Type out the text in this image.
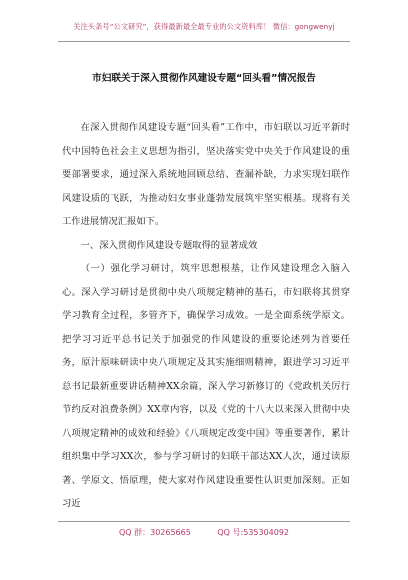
关注头条号“公文研究”，获得最新最全最专业的公文资料库！ 微信：gongwenyj
市妇联关于深入贯彻作风建设专题“回头看”情况报告

在深入贯彻作风建设专题“回头看”工作中，市妇联以习近平新时代中国特色社会主义思想为指引，坚决落实党中央关于作风建设的重要部署要求，通过深入系统地回顾总结、查漏补缺，力求实现妇联作风建设质的飞跃，为推动妇女事业蓬勃发展筑牢坚实根基。现将有关工作进展情况汇报如下。

一、深入贯彻作风建设专题取得的显著成效

（一）强化学习研讨，筑牢思想根基，让作风建设理念入脑入心。深入学习研讨是贯彻中央八项规定精神的基石，市妇联将其贯穿学习教育全过程，多管齐下，确保学习成效。一是全面系统学原文。把学习习近平总书记关于加强党的作风建设的重要论述列为首要任务，原汁原味研读中央八项规定及其实施细则精神，跟进学习习近平总书记最新重要讲话精神XX余篇，深入学习新修订的《党政机关厉行节约反对浪费条例》XX章内容，以及《党的十八大以来深入贯彻中央八项规定精神的成效和经验》《八项规定改变中国》等重要著作，累计组织集中学习XX次，参与学习研讨的妇联干部达XX人次，通过读原著、学原文、悟原理，使大家对作风建设重要性认识更加深刻。正如习近

QQ 群：30265665	QQ 号:535304092
